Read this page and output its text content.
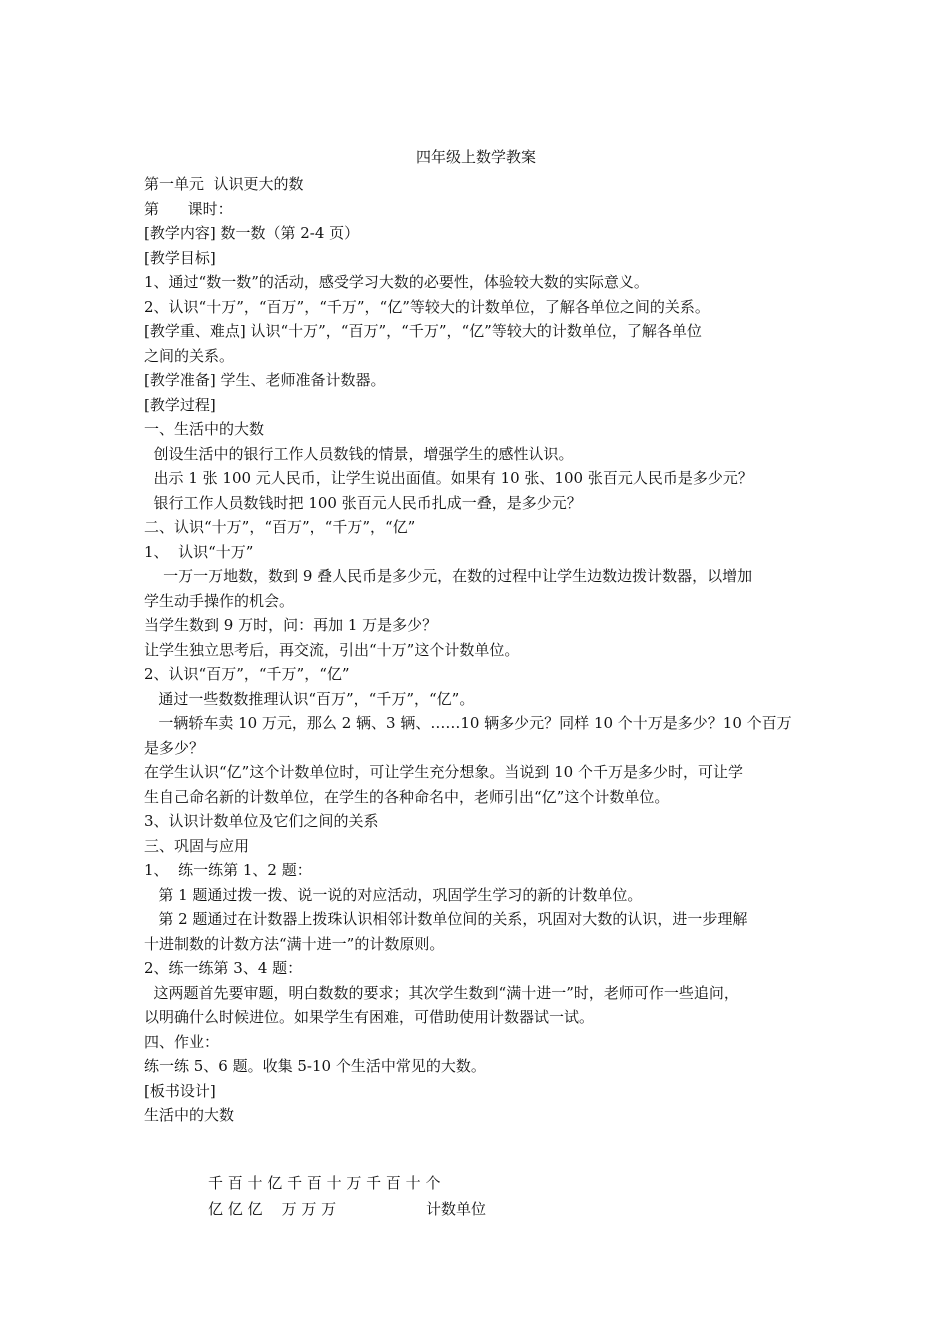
四年级上数学教案

第一单元  认识更大的数

第      课时：

[教学内容] 数一数（第 2-4 页）

[教学目标]

1、通过“数一数”的活动，感受学习大数的必要性，体验较大数的实际意义。

2、认识“十万”，“百万”，“千万”，“亿”等较大的计数单位，了解各单位之间的关系。

[教学重、难点] 认识“十万”，“百万”，“千万”，“亿”等较大的计数单位，了解各单位

之间的关系。

[教学准备] 学生、老师准备计数器。

[教学过程]

一、生活中的大数

创设生活中的银行工作人员数钱的情景，增强学生的感性认识。

出示 1 张 100 元人民币，让学生说出面值。如果有 10 张、100 张百元人民币是多少元？

银行工作人员数钱时把 100 张百元人民币扎成一叠，是多少元？

二、认识“十万”，“百万”，“千万”，“亿”

1、  认识“十万”

一万一万地数，数到 9 叠人民币是多少元，在数的过程中让学生边数边拨计数器，以增加

学生动手操作的机会。

当学生数到 9 万时，问：再加 1 万是多少？

让学生独立思考后，再交流，引出“十万”这个计数单位。

2、认识“百万”，“千万”，“亿”

通过一些数数推理认识“百万”，“千万”，“亿”。

一辆轿车卖 10 万元，那么 2 辆、3 辆、……10 辆多少元？同样 10 个十万是多少？10 个百万

是多少？

在学生认识“亿”这个计数单位时，可让学生充分想象。当说到 10 个千万是多少时，可让学

生自己命名新的计数单位，在学生的各种命名中，老师引出“亿”这个计数单位。

3、认识计数单位及它们之间的关系

三、巩固与应用

1、  练一练第 1、2 题：

第 1 题通过拨一拨、说一说的对应活动，巩固学生学习的新的计数单位。

第 2 题通过在计数器上拨珠认识相邻计数单位间的关系，巩固对大数的认识，进一步理解

十进制数的计数方法“满十进一”的计数原则。

2、练一练第 3、4 题：

这两题首先要审题，明白数数的要求；其次学生数到“满十进一”时，老师可作一些追问，

以明确什么时候进位。如果学生有困难，可借助使用计数器试一试。

四、作业：

练一练 5、6 题。收集 5-10 个生活中常见的大数。

[板书设计]

生活中的大数

千 百 十 亿 千 百 十 万 千 百 十 个
亿 亿 亿    万 万 万	计数单位
